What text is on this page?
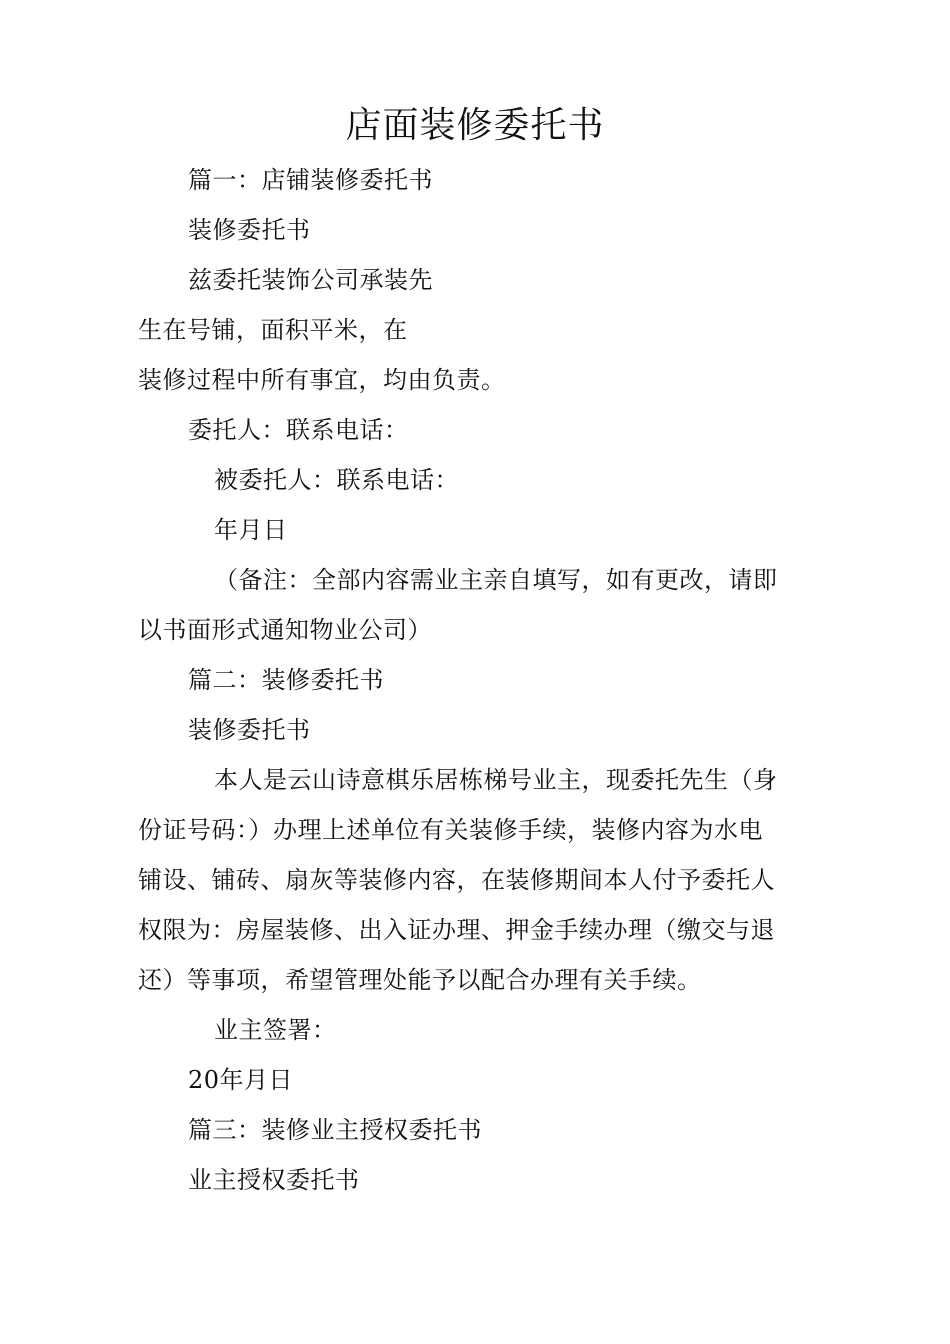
店面装修委托书
篇一：店铺装修委托书
装修委托书
兹委托装饰公司承装先
生在号铺，面积平米，在
装修过程中所有事宜，均由负责。
委托人：联系电话：
被委托人：联系电话：
年月日
（备注：全部内容需业主亲自填写，如有更改，请即
以书面形式通知物业公司）
篇二：装修委托书
装修委托书
本人是云山诗意棋乐居栋梯号业主，现委托先生（身
份证号码：）办理上述单位有关装修手续，装修内容为水电
铺设、铺砖、扇灰等装修内容，在装修期间本人付予委托人
权限为：房屋装修、出入证办理、押金手续办理（缴交与退
还）等事项，希望管理处能予以配合办理有关手续。
业主签署：
20年月日
篇三：装修业主授权委托书
业主授权委托书
